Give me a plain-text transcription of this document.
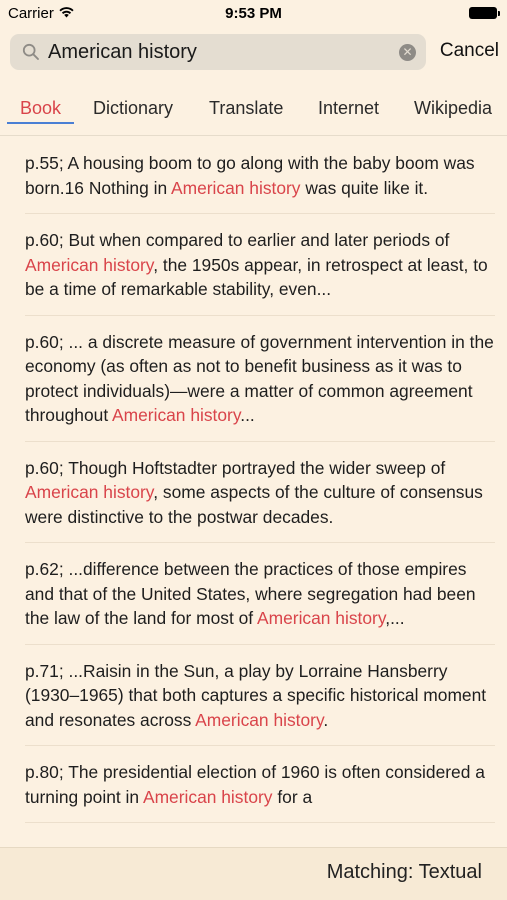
Carrier	9:53 PM
American history	✕ Cancel
Book Dictionary Translate Internet Wikipedia
p.55; A housing boom to go along with the baby boom was born.16 Nothing in American history was quite like it.
p.60; But when compared to earlier and later periods of American history, the 1950s appear, in retrospect at least, to be a time of remarkable stability, even...
p.60; ... a discrete measure of government intervention in the economy (as often as not to benefit business as it was to protect individuals)—were a matter of common agreement throughout American history...
p.60; Though Hoftstadter portrayed the wider sweep of American history, some aspects of the culture of consensus were distinctive to the postwar decades.
p.62; ...difference between the practices of those empires and that of the United States, where segregation had been the law of the land for most of American history,...
p.71; ...Raisin in the Sun, a play by Lorraine Hansberry (1930–1965) that both captures a specific historical moment and resonates across American history.
p.80; The presidential election of 1960 is often considered a turning point in American history for a
Matching: Textual
